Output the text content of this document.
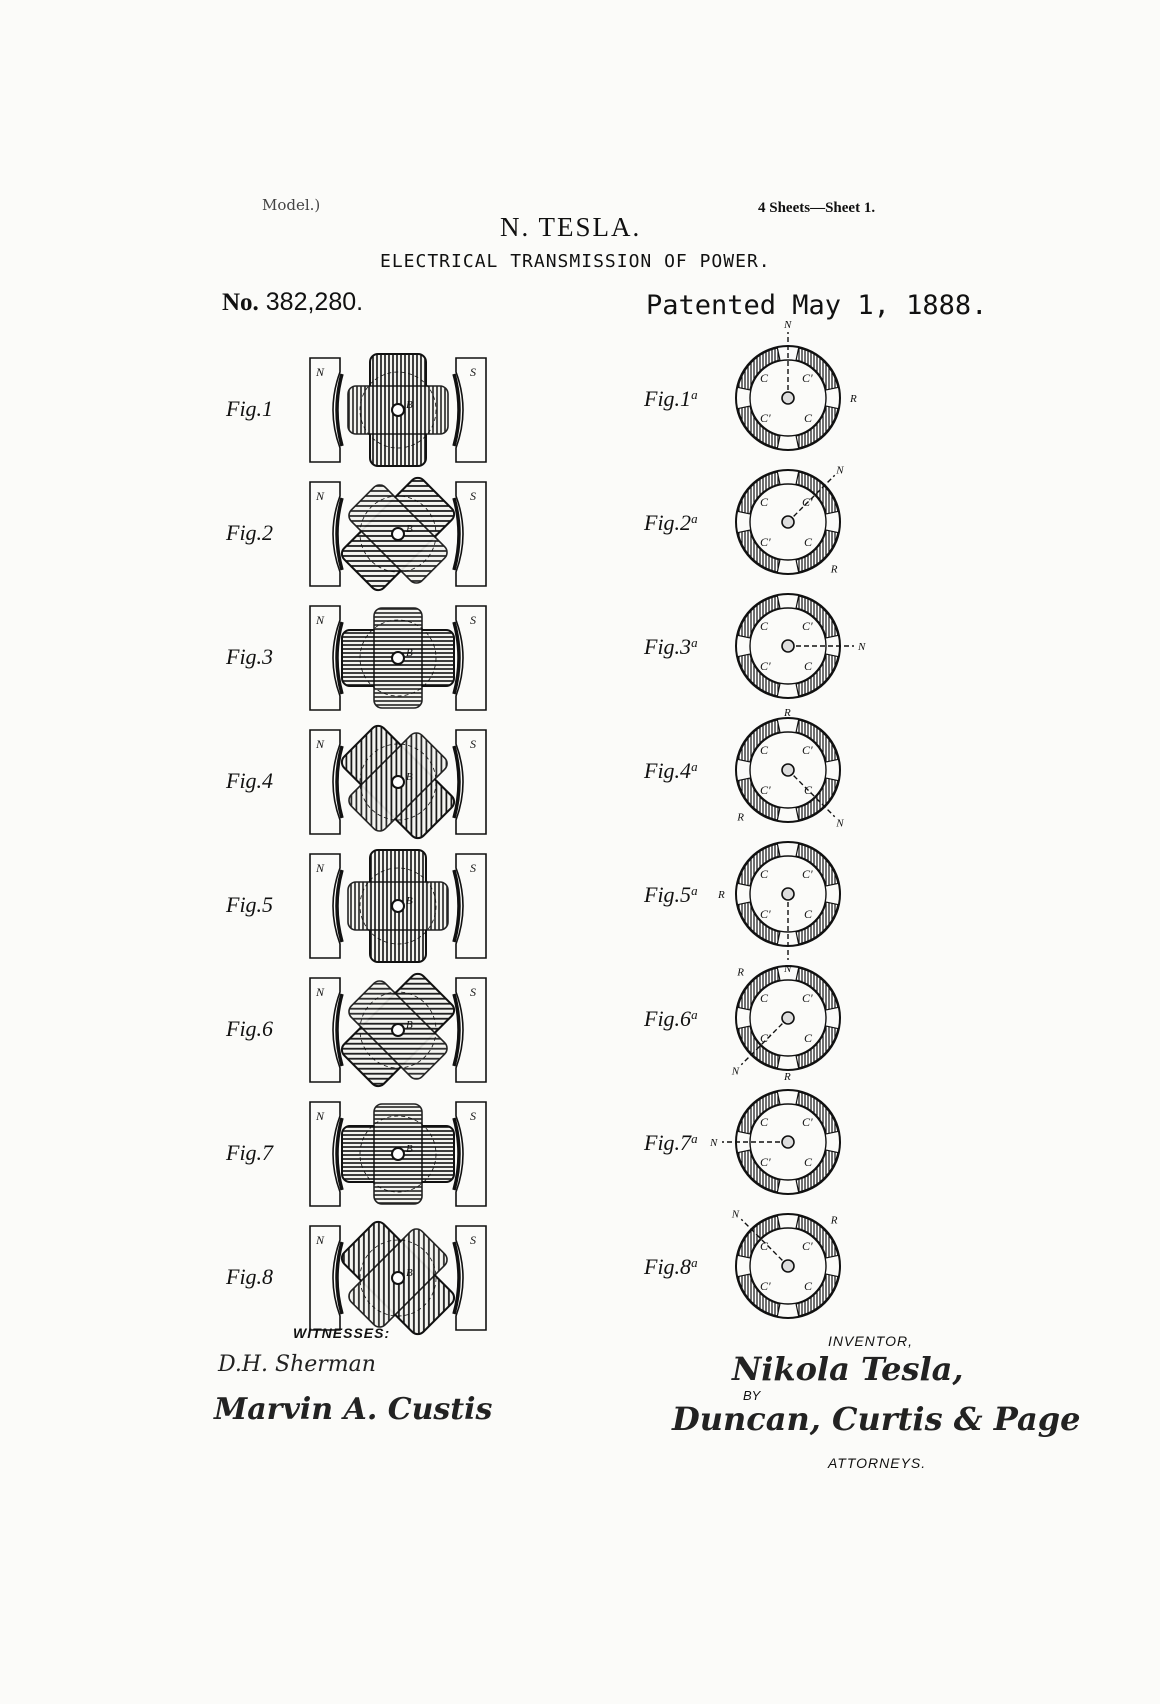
Model.)
N. TESLA.
4 Sheets—Sheet 1.
ELECTRICAL TRANSMISSION OF POWER.
No. 382,280.	Patented May 1, 1888.
Fig.1
N	S
B
Fig.2
N	S
B
Fig.3
N	S
B
Fig.4
N	S
B
Fig.5
N	S
B
Fig.6
N	S
B
Fig.7
N	S
B
Fig.8
N	S
B
Fig.1$^a$
C	C'
C'	C
N
R
Fig.2$^a$
C	C'
C'	C
N
R
Fig.3$^a$
C	C'
C'	C
N
R
Fig.4$^a$
C	C'
C'	C
N
R
Fig.5$^a$
C	C'
C'	C
N
R
Fig.6$^a$
C	C'
C'	C
N
R
Fig.7$^a$
C	C'
C'	C
N
R
Fig.8$^a$
C	C'
C'	C
N	R
WITNESSES:
D.H. Sherman
Marvin A. Custis
INVENTOR,
Nikola Tesla,
BY
Duncan, Curtis & Page
ATTORNEYS.
